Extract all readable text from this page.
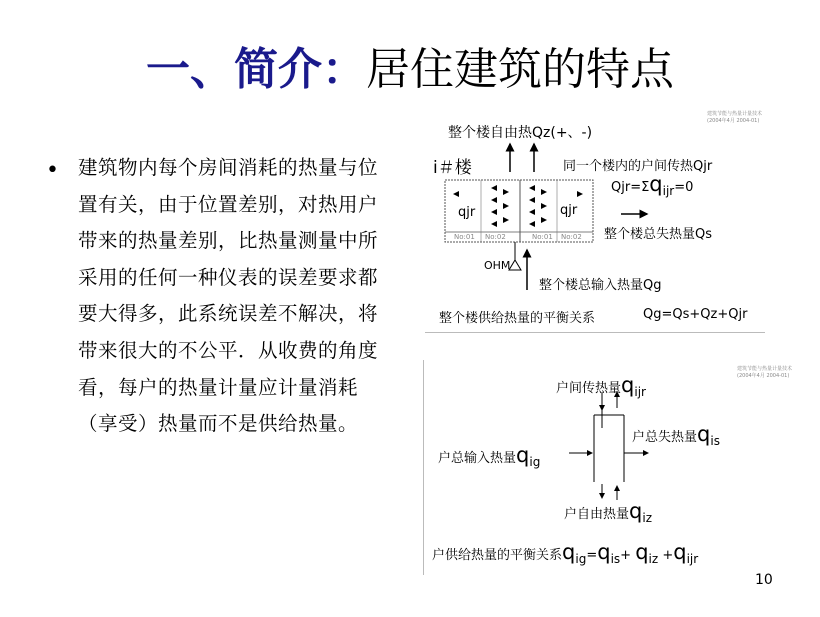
一、简介：居住建筑的特点
• 建筑物内每个房间消耗的热量与位置有关，由于位置差别，对热用户带来的热量差别，比热量测量中所采用的任何一种仪表的误差要求都要大得多，此系统误差不解决，将带来很大的不公平．从收费的角度看，每户的热量计量应计量消耗（享受）热量而不是供给热量。
建筑节能与热量计量技术
(2004年4月 2004-01)
整个楼自由热Qz(+、-)
i＃楼	同一个楼内的户间传热Qjr
Qjr=Σqijr=0
qjr	qjr
No:01 No:02	No:01 No:02 整个楼总失热量Qs
OHM
整个楼总输入热量Qg
整个楼供给热量的平衡关系	Qg=Qs+Qz+Qjr
建筑节能与热量计量技术
(2004年4月 2004-01)
户间传热量qijr
户总失热量qis
户总输入热量qig
户自由热量qiz
户供给热量的平衡关系qig=qis+ qiz +qijr
10
